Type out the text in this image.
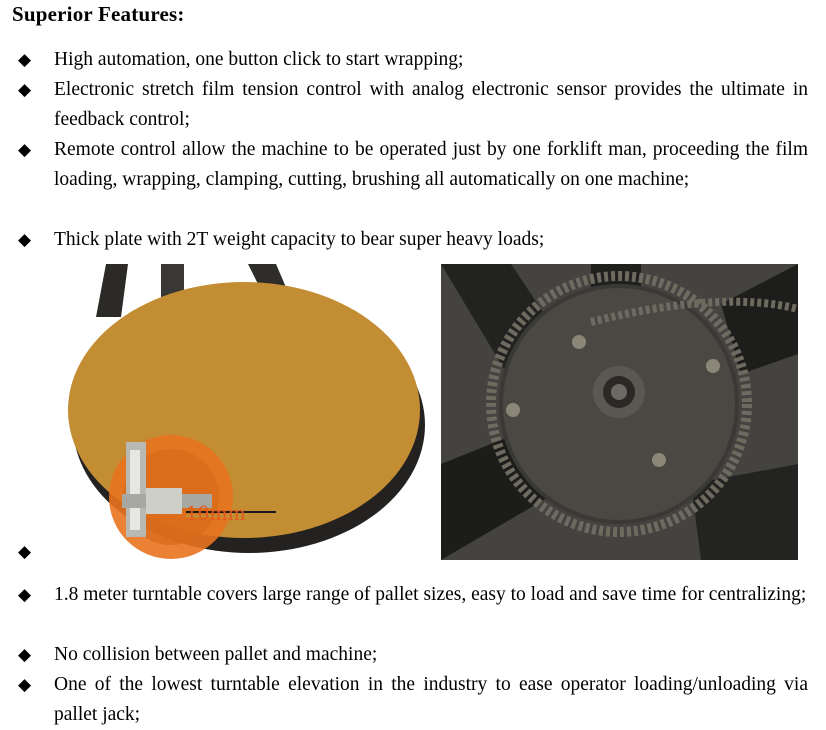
Superior Features:
◆	High automation, one button click to start wrapping;
◆	Electronic stretch film tension control with analog electronic sensor provides the ultimate in feedback control;
◆	Remote control allow the machine to be operated just by one forklift man, proceeding the film loading, wrapping, clamping, cutting, brushing all automatically on one machine;
◆	Thick plate with 2T weight capacity to bear super heavy loads;
10mm
◆
◆	1.8 meter turntable covers large range of pallet sizes, easy to load and save time for centralizing;
◆	No collision between pallet and machine;
◆	One of the lowest turntable elevation in the industry to ease operator loading/unloading via pallet jack;
